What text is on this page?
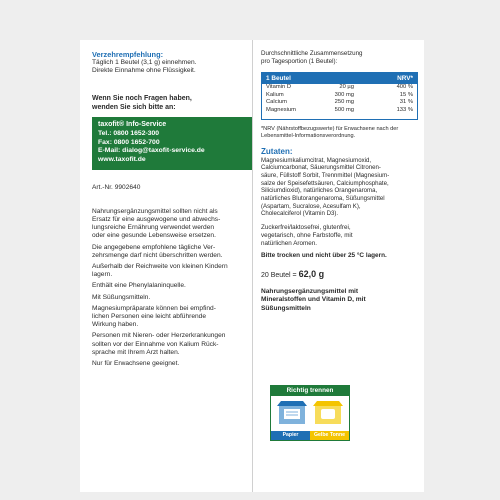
Verzehrempfehlung:
Täglich 1 Beutel (3,1 g) einnehmen.
Direkte Einnahme ohne Flüssigkeit.
Wenn Sie noch Fragen haben,
wenden Sie sich bitte an:
taxofit® Info-Service
Tel.: 0800 1652-300
Fax: 0800 1652-700
E-Mail: dialog@taxofit-service.de
www.taxofit.de
Art.-Nr. 9902640
Nahrungsergänzungsmittel sollten nicht als
Ersatz für eine ausgewogene und abwechs-
lungsreiche Ernährung verwendet werden
oder eine gesunde Lebensweise ersetzen.
Die angegebene empfohlene tägliche Ver-
zehrsmenge darf nicht überschritten werden.
Außerhalb der Reichweite von kleinen Kindern
lagern.
Enthält eine Phenylalaninquelle.
Mit Süßungsmitteln.
Magnesiumpräparate können bei empfind-
lichen Personen eine leicht abführende
Wirkung haben.
Personen mit Nieren- oder Herzerkrankungen
sollten vor der Einnahme von Kalium Rück-
sprache mit Ihrem Arzt halten.
Nur für Erwachsene geeignet.
Durchschnittliche Zusammensetzung
pro Tagesportion (1 Beutel):
1 Beutel	NRV*
Vitamin D	20 µg	400 %
Kalium	300 mg	15 %
Calcium	250 mg	31 %
Magnesium	500 mg	133 %
*NRV (Nährstoffbezugswerte) für Erwachsene nach der
Lebensmittel-Informationsverordnung.
Zutaten:
Magnesiumkaliumcitrat, Magnesiumoxid,
Calciumcarbonat, Säuerungsmittel Citronen-
säure, Füllstoff Sorbit, Trennmittel (Magnesium-
salze der Speisefettsäuren, Calciumphosphate,
Siliciumdioxid), natürliches Orangenaroma,
natürliches Blutorangenaroma, Süßungsmittel
(Aspartam, Sucralose, Acesulfam K),
Cholecalciferol (Vitamin D3).
Zuckerfrei/laktosefrei, glutenfrei,
vegetarisch, ohne Farbstoffe, mit
natürlichen Aromen.
Bitte trocken und nicht über 25 °C lagern.
20 Beutel = 62,0 g
Nahrungsergänzungsmittel mit
Mineralstoffen und Vitamin D, mit
Süßungsmitteln
Richtig trennen
Papier	Gelbe Tonne
